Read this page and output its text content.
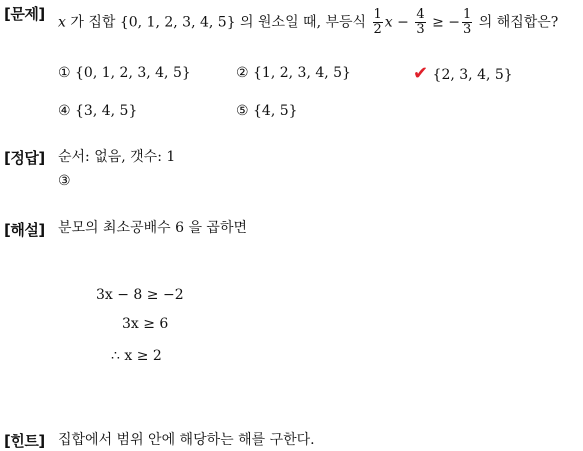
[문제] x 가 집합 {0, 1, 2, 3, 4, 5} 의 원소일 때, 부등식 $\frac{1}{2}$ $x - \frac{4}{3}$ ≥ − $\frac{1}{3}$ 의 해집합은?
① {0, 1, 2, 3, 4, 5}	② {1, 2, 3, 4, 5}	✔ {2, 3, 4, 5}
④ {3, 4, 5}	⑤ {4, 5}
[정답] 순서: 없음, 갯수: 1
③
[해설] 분모의 최소공배수 6 을 곱하면
3x − 8 ≥ −2
3x ≥ 6
∴ x ≥ 2
[힌트] 집합에서 범위 안에 해당하는 해를 구한다.
